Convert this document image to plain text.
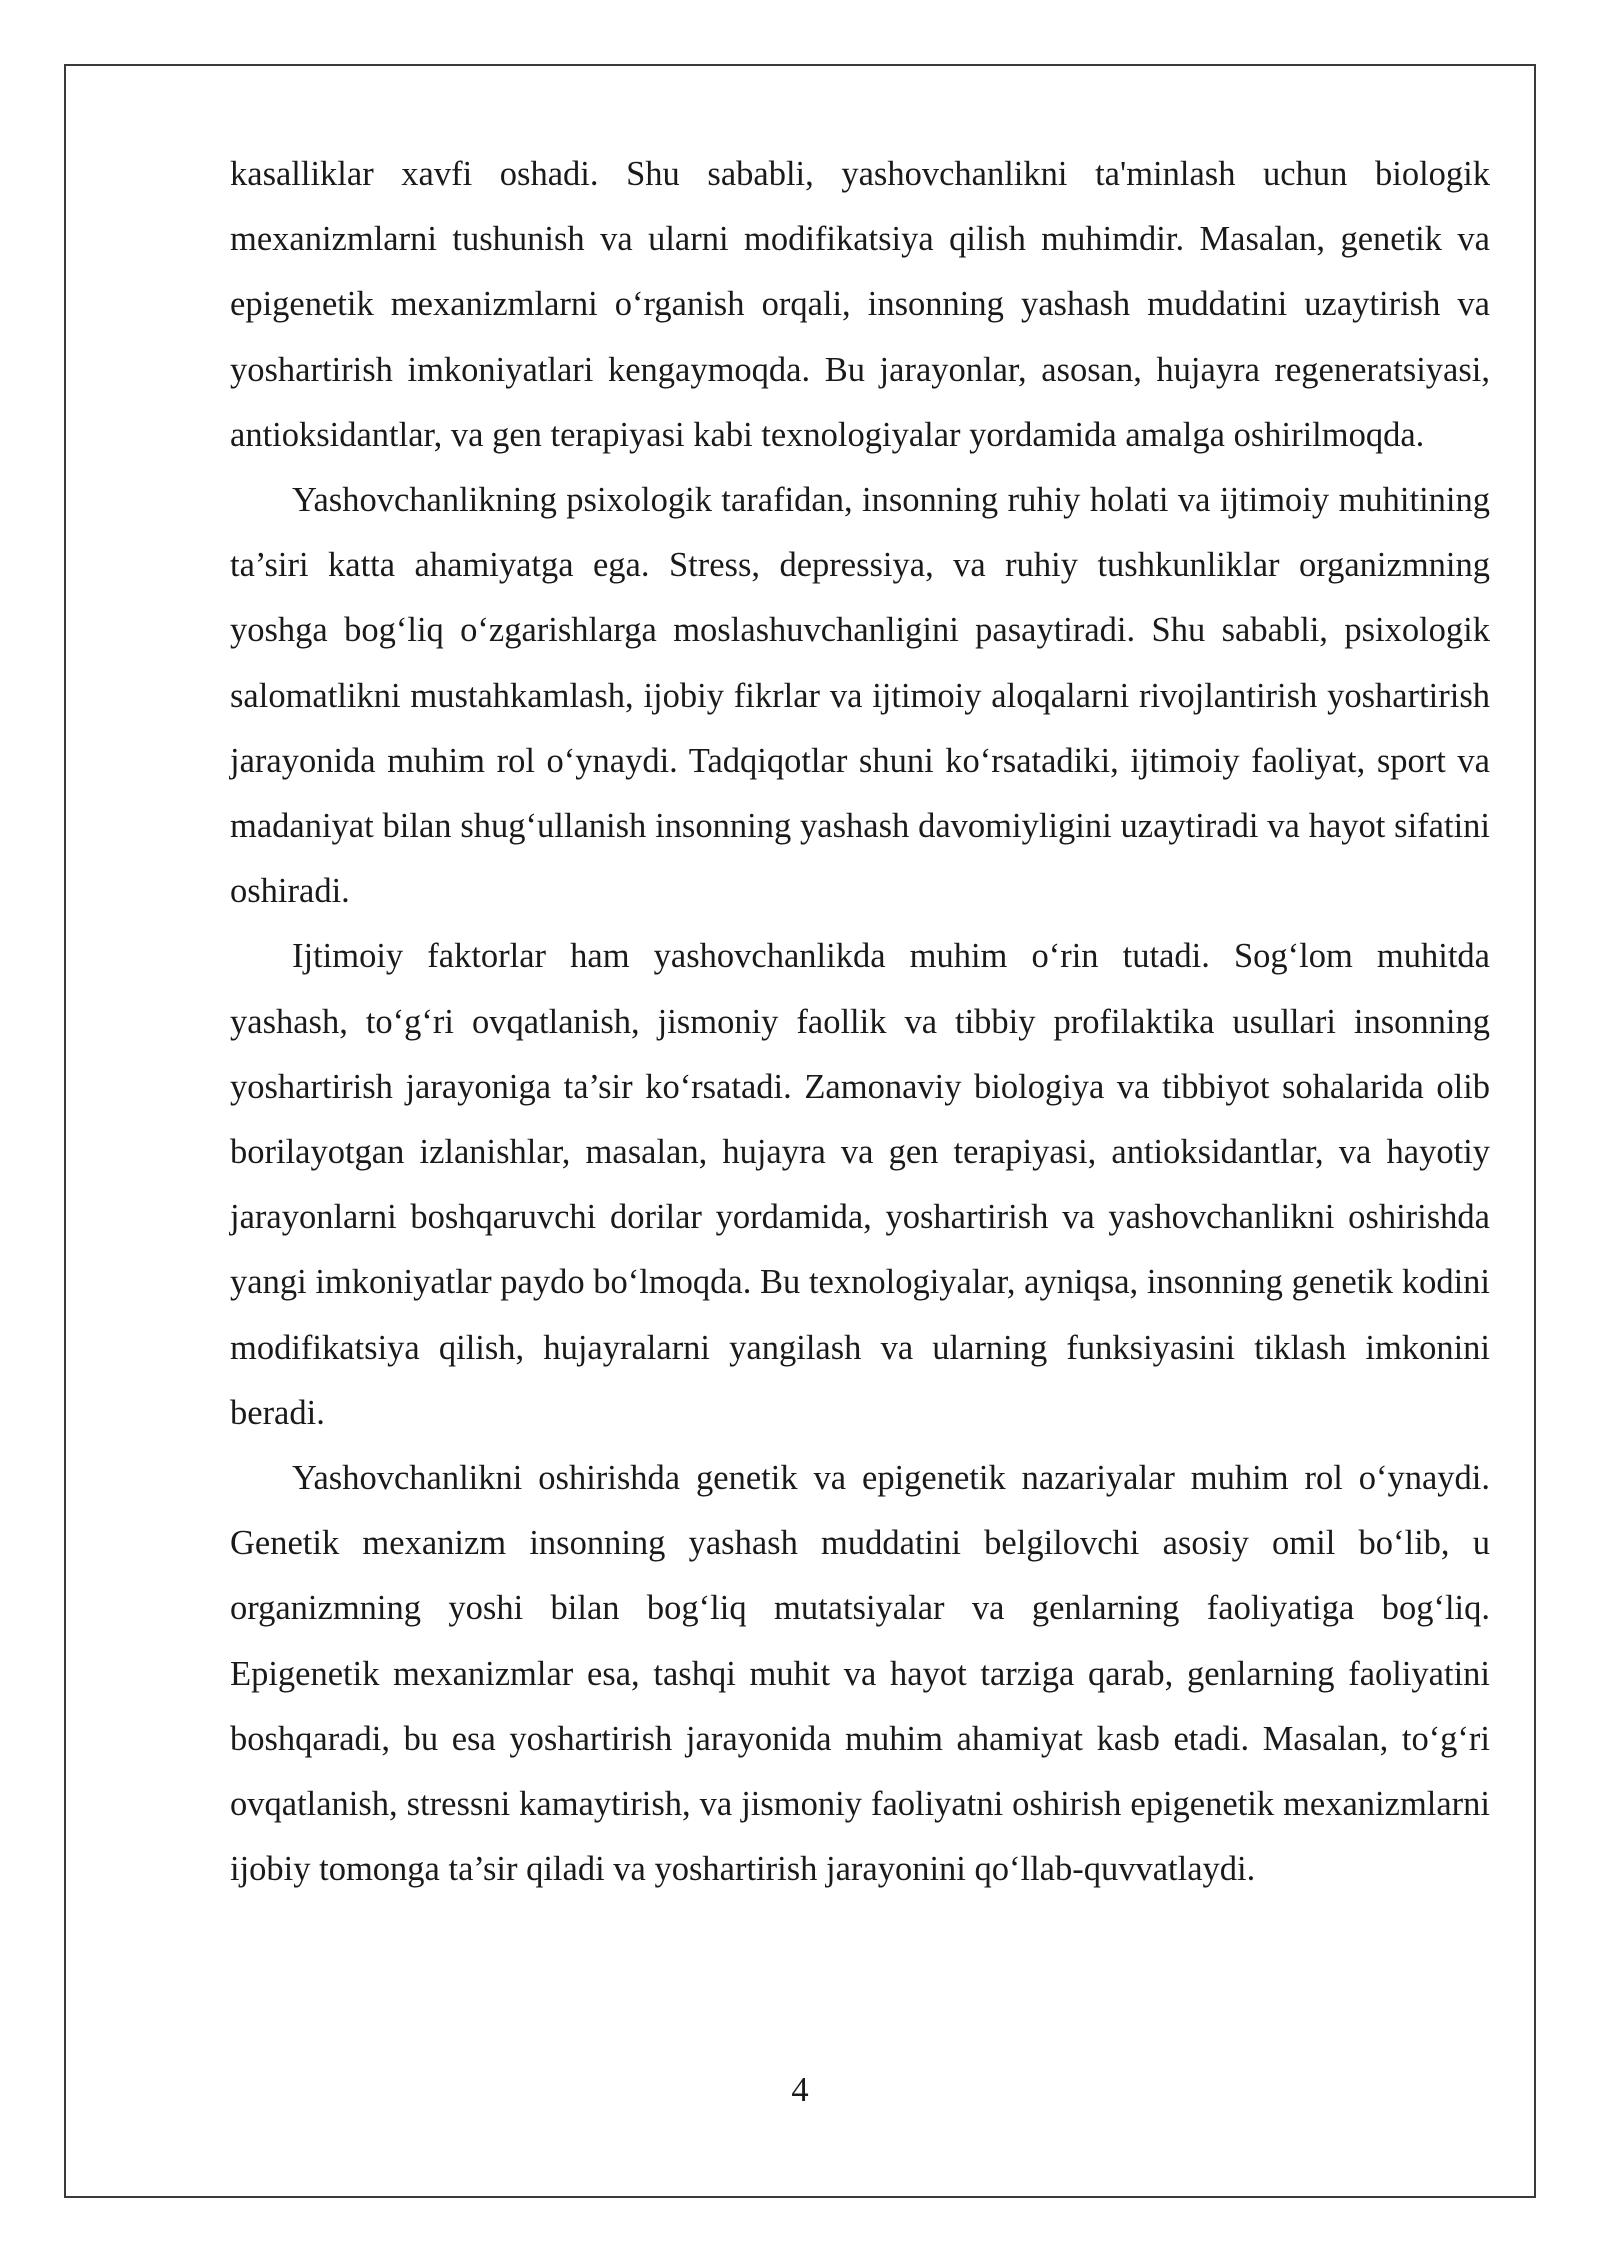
kasalliklar xavfi oshadi. Shu sababli, yashovchanlikni ta'minlash uchun biologik mexanizmlarni tushunish va ularni modifikatsiya qilish muhimdir. Masalan, genetik va epigenetik mexanizmlarni o‘rganish orqali, insonning yashash muddatini uzaytirish va yoshartirish imkoniyatlari kengaymoqda. Bu jarayonlar, asosan, hujayra regeneratsiyasi, antioksidantlar, va gen terapiyasi kabi texnologiyalar yordamida amalga oshirilmoqda.

Yashovchanlikning psixologik tarafidan, insonning ruhiy holati va ijtimoiy muhitining ta’siri katta ahamiyatga ega. Stress, depressiya, va ruhiy tushkunliklar organizmning yoshga bog‘liq o‘zgarishlarga moslashuvchanligini pasaytiradi. Shu sababli, psixologik salomatlikni mustahkamlash, ijobiy fikrlar va ijtimoiy aloqalarni rivojlantirish yoshartirish jarayonida muhim rol o‘ynaydi. Tadqiqotlar shuni ko‘rsatadiki, ijtimoiy faoliyat, sport va madaniyat bilan shug‘ullanish insonning yashash davomiyligini uzaytiradi va hayot sifatini oshiradi.

Ijtimoiy faktorlar ham yashovchanlikda muhim o‘rin tutadi. Sog‘lom muhitda yashash, to‘g‘ri ovqatlanish, jismoniy faollik va tibbiy profilaktika usullari insonning yoshartirish jarayoniga ta’sir ko‘rsatadi. Zamonaviy biologiya va tibbiyot sohalarida olib borilayotgan izlanishlar, masalan, hujayra va gen terapiyasi, antioksidantlar, va hayotiy jarayonlarni boshqaruvchi dorilar yordamida, yoshartirish va yashovchanlikni oshirishda yangi imkoniyatlar paydo bo‘lmoqda. Bu texnologiyalar, ayniqsa, insonning genetik kodini modifikatsiya qilish, hujayralarni yangilash va ularning funksiyasini tiklash imkonini beradi.

Yashovchanlikni oshirishda genetik va epigenetik nazariyalar muhim rol o‘ynaydi. Genetik mexanizm insonning yashash muddatini belgilovchi asosiy omil bo‘lib, u organizmning yoshi bilan bog‘liq mutatsiyalar va genlarning faoliyatiga bog‘liq. Epigenetik mexanizmlar esa, tashqi muhit va hayot tarziga qarab, genlarning faoliyatini boshqaradi, bu esa yoshartirish jarayonida muhim ahamiyat kasb etadi. Masalan, to‘g‘ri ovqatlanish, stressni kamaytirish, va jismoniy faoliyatni oshirish epigenetik mexanizmlarni ijobiy tomonga ta’sir qiladi va yoshartirish jarayonini qo‘llab-quvvatlaydi.

4
